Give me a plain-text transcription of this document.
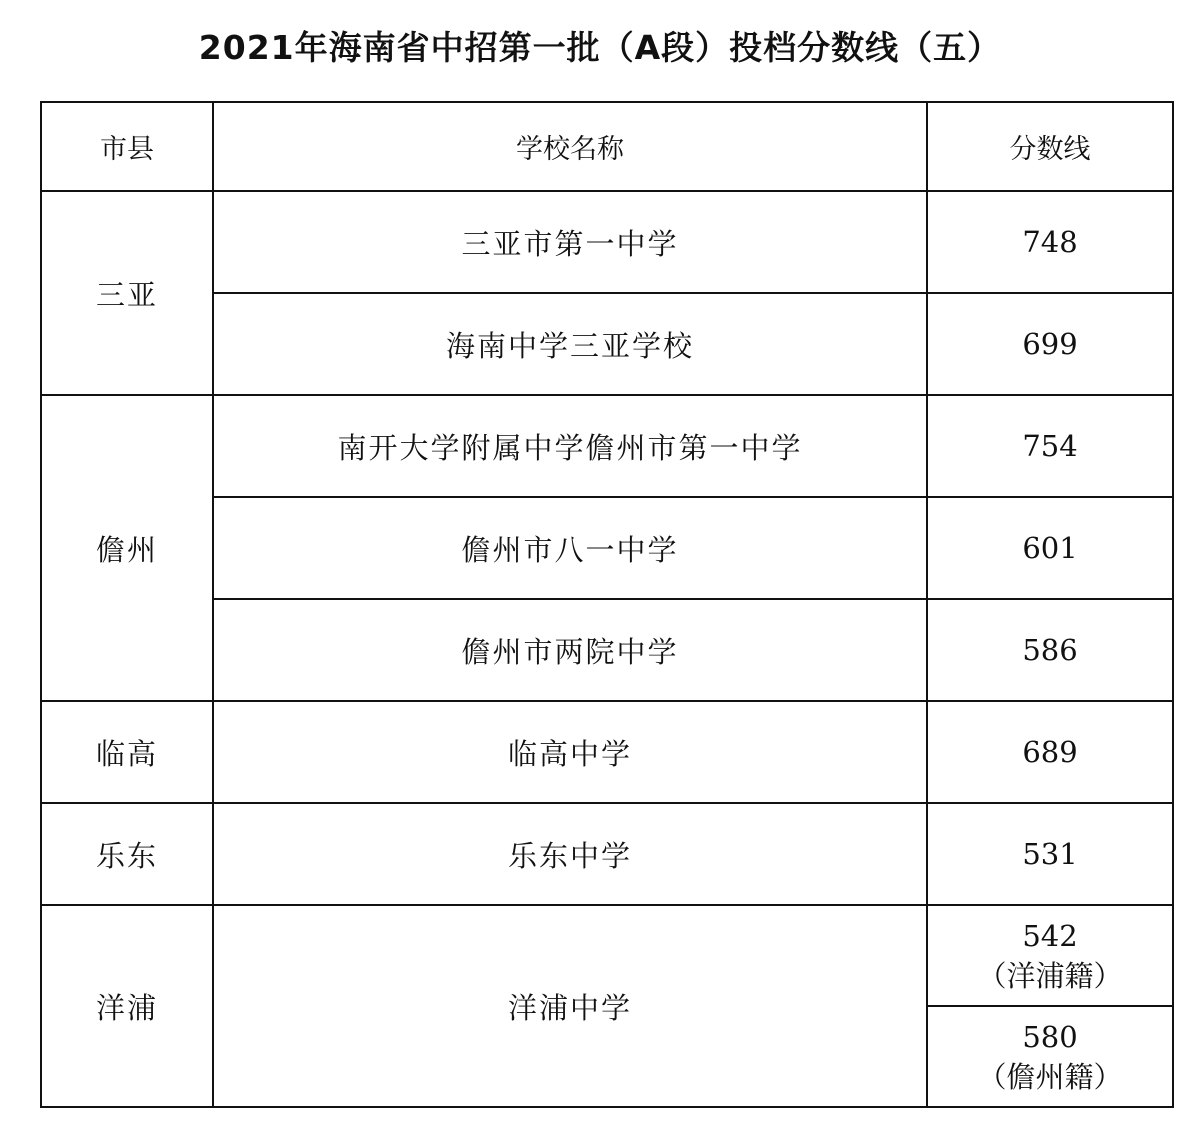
2021年海南省中招第一批（A段）投档分数线（五）
市县	学校名称	分数线
三亚	三亚市第一中学	748
	海南中学三亚学校	699
儋州	南开大学附属中学儋州市第一中学	754
	儋州市八一中学	601
	儋州市两院中学	586
临高	临高中学	689
乐东	乐东中学	531
洋浦	洋浦中学	542
（洋浦籍）

		580
（儋州籍）
